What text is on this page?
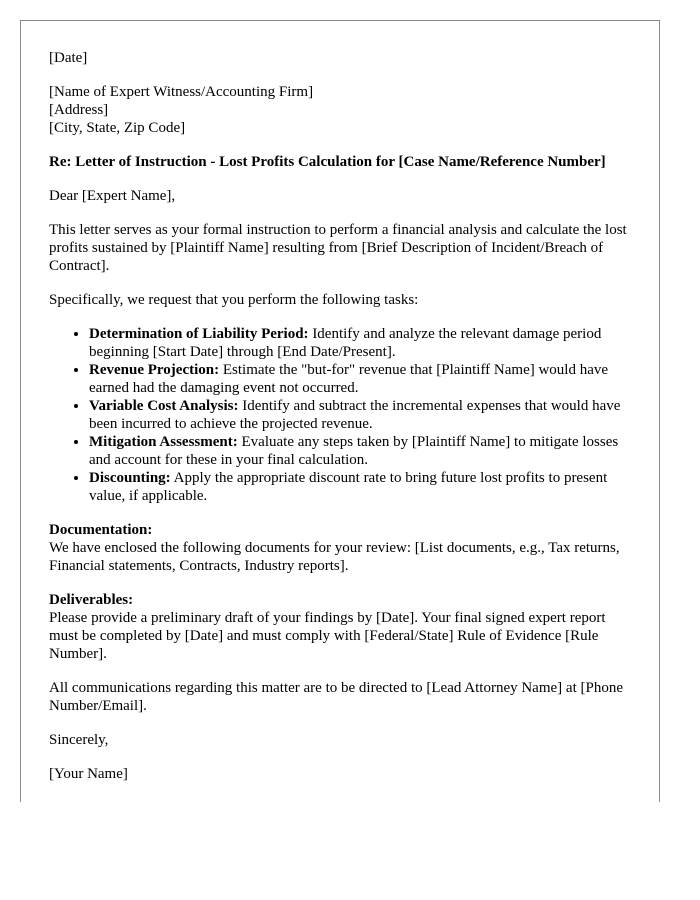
[Date]

[Name of Expert Witness/Accounting Firm]
[Address]
[City, State, Zip Code]

Re: Letter of Instruction - Lost Profits Calculation for [Case Name/Reference Number]

Dear [Expert Name],

This letter serves as your formal instruction to perform a financial analysis and calculate the lost profits sustained by [Plaintiff Name] resulting from [Brief Description of Incident/Breach of Contract].

Specifically, we request that you perform the following tasks:

• Determination of Liability Period: Identify and analyze the relevant damage period beginning [Start Date] through [End Date/Present].
• Revenue Projection: Estimate the "but-for" revenue that [Plaintiff Name] would have earned had the damaging event not occurred.
• Variable Cost Analysis: Identify and subtract the incremental expenses that would have been incurred to achieve the projected revenue.
• Mitigation Assessment: Evaluate any steps taken by [Plaintiff Name] to mitigate losses and account for these in your final calculation.
• Discounting: Apply the appropriate discount rate to bring future lost profits to present value, if applicable.

Documentation:
We have enclosed the following documents for your review: [List documents, e.g., Tax returns, Financial statements, Contracts, Industry reports].

Deliverables:
Please provide a preliminary draft of your findings by [Date]. Your final signed expert report must be completed by [Date] and must comply with [Federal/State] Rule of Evidence [Rule Number].

All communications regarding this matter are to be directed to [Lead Attorney Name] at [Phone Number/Email].

Sincerely,

[Your Name]
